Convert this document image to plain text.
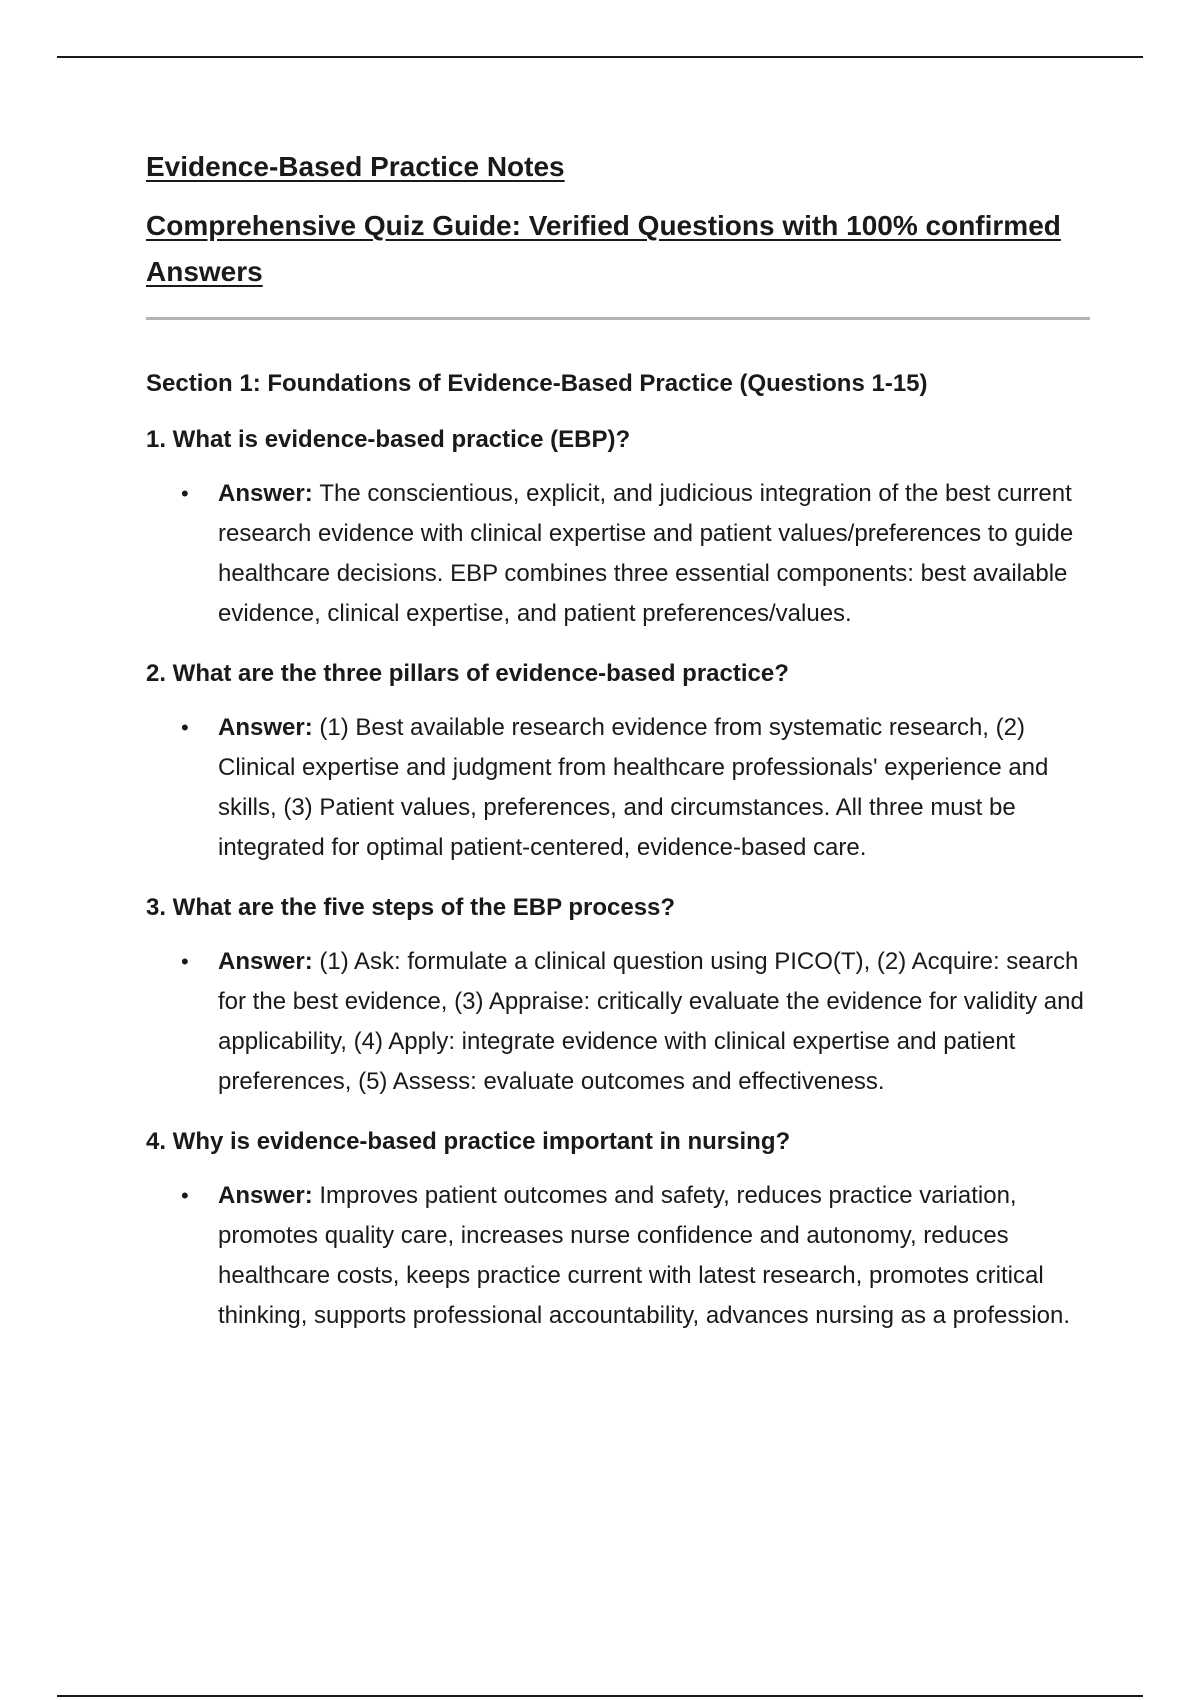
Evidence-Based Practice Notes
Comprehensive Quiz Guide: Verified Questions with 100% confirmed Answers
Section 1: Foundations of Evidence-Based Practice (Questions 1-15)
1. What is evidence-based practice (EBP)?
• Answer: The conscientious, explicit, and judicious integration of the best current research evidence with clinical expertise and patient values/preferences to guide healthcare decisions. EBP combines three essential components: best available evidence, clinical expertise, and patient preferences/values.
2. What are the three pillars of evidence-based practice?
• Answer: (1) Best available research evidence from systematic research, (2) Clinical expertise and judgment from healthcare professionals' experience and skills, (3) Patient values, preferences, and circumstances. All three must be integrated for optimal patient-centered, evidence-based care.
3. What are the five steps of the EBP process?
• Answer: (1) Ask: formulate a clinical question using PICO(T), (2) Acquire: search for the best evidence, (3) Appraise: critically evaluate the evidence for validity and applicability, (4) Apply: integrate evidence with clinical expertise and patient preferences, (5) Assess: evaluate outcomes and effectiveness.
4. Why is evidence-based practice important in nursing?
• Answer: Improves patient outcomes and safety, reduces practice variation, promotes quality care, increases nurse confidence and autonomy, reduces healthcare costs, keeps practice current with latest research, promotes critical thinking, supports professional accountability, advances nursing as a profession.
